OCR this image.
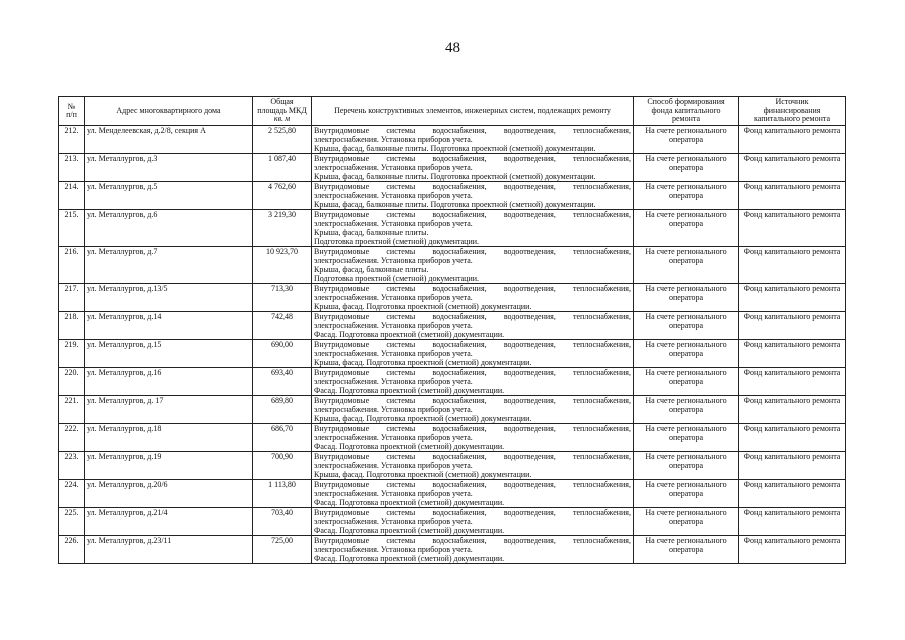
48
№
п/п	Адрес многоквартирного дома	Общая
площадь МКД
кв. м	Перечень конструктивных элементов, инженерных систем, подлежащих ремонту	Способ формирования
фонда капитального
ремонта	Источник
финансирования
капитального ремонта
212.	ул. Менделеевская, д.2/8, секция А	2 525,80	Внутридомовые системы водоснабжения, водоотведения, теплоснабжения, электроснабжения. Установка приборов учета.
Крыша, фасад, балконные плиты. Подготовка проектной (сметной) документации.	На счете регионального оператора	Фонд капитального ремонта
213.	ул. Металлургов, д.3	1 087,40	Внутридомовые системы водоснабжения, водоотведения, теплоснабжения, электроснабжения. Установка приборов учета.
Крыша, фасад, балконные плиты. Подготовка проектной (сметной) документации.	На счете регионального оператора	Фонд капитального ремонта
214.	ул. Металлургов, д.5	4 762,60	Внутридомовые системы водоснабжения, водоотведения, теплоснабжения, электроснабжения. Установка приборов учета.
Крыша, фасад, балконные плиты. Подготовка проектной (сметной) документации.	На счете регионального оператора	Фонд капитального ремонта
215.	ул. Металлургов, д.6	3 219,30	Внутридомовые системы водоснабжения, водоотведения, теплоснабжения, электроснабжения. Установка приборов учета.
Крыша, фасад, балконные плиты.
Подготовка проектной (сметной) документации.	На счете регионального оператора	Фонд капитального ремонта
216.	ул. Металлургов, д.7	10 923,70	Внутридомовые системы водоснабжения, водоотведения, теплоснабжения, электроснабжения. Установка приборов учета.
Крыша, фасад, балконные плиты.
Подготовка проектной (сметной) документации.	На счете регионального оператора	Фонд капитального ремонта
217.	ул. Металлургов, д.13/5	713,30	Внутридомовые системы водоснабжения, водоотведения, теплоснабжения, электроснабжения. Установка приборов учета.
Крыша, фасад. Подготовка проектной (сметной) документации.	На счете регионального оператора	Фонд капитального ремонта
218.	ул. Металлургов, д.14	742,48	Внутридомовые системы водоснабжения, водоотведения, теплоснабжения, электроснабжения. Установка приборов учета.
Фасад. Подготовка проектной (сметной) документации.	На счете регионального оператора	Фонд капитального ремонта
219.	ул. Металлургов, д.15	690,00	Внутридомовые системы водоснабжения, водоотведения, теплоснабжения, электроснабжения. Установка приборов учета.
Крыша, фасад. Подготовка проектной (сметной) документации.	На счете регионального оператора	Фонд капитального ремонта
220.	ул. Металлургов, д.16	693,40	Внутридомовые системы водоснабжения, водоотведения, теплоснабжения, электроснабжения. Установка приборов учета.
Фасад. Подготовка проектной (сметной) документации.	На счете регионального оператора	Фонд капитального ремонта
221.	ул. Металлургов, д. 17	689,80	Внутридомовые системы водоснабжения, водоотведения, теплоснабжения, электроснабжения. Установка приборов учета.
Крыша, фасад. Подготовка проектной (сметной) документации.	На счете регионального оператора	Фонд капитального ремонта
222.	ул. Металлургов, д.18	686,70	Внутридомовые системы водоснабжения, водоотведения, теплоснабжения, электроснабжения. Установка приборов учета.
Фасад. Подготовка проектной (сметной) документации.	На счете регионального оператора	Фонд капитального ремонта
223.	ул. Металлургов, д.19	700,90	Внутридомовые системы водоснабжения, водоотведения, теплоснабжения, электроснабжения. Установка приборов учета.
Крыша, фасад. Подготовка проектной (сметной) документации.	На счете регионального оператора	Фонд капитального ремонта
224.	ул. Металлургов, д.20/6	1 113,80	Внутридомовые системы водоснабжения, водоотведения, теплоснабжения, электроснабжения. Установка приборов учета.
Фасад. Подготовка проектной (сметной) документации.	На счете регионального оператора	Фонд капитального ремонта
225.	ул. Металлургов, д.21/4	703,40	Внутридомовые системы водоснабжения, водоотведения, теплоснабжения, электроснабжения. Установка приборов учета.
Фасад. Подготовка проектной (сметной) документации.	На счете регионального оператора	Фонд капитального ремонта
226.	ул. Металлургов, д.23/11	725,00	Внутридомовые системы водоснабжения, водоотведения, теплоснабжения, электроснабжения. Установка приборов учета.
Фасад. Подготовка проектной (сметной) документации.	На счете регионального оператора	Фонд капитального ремонта
